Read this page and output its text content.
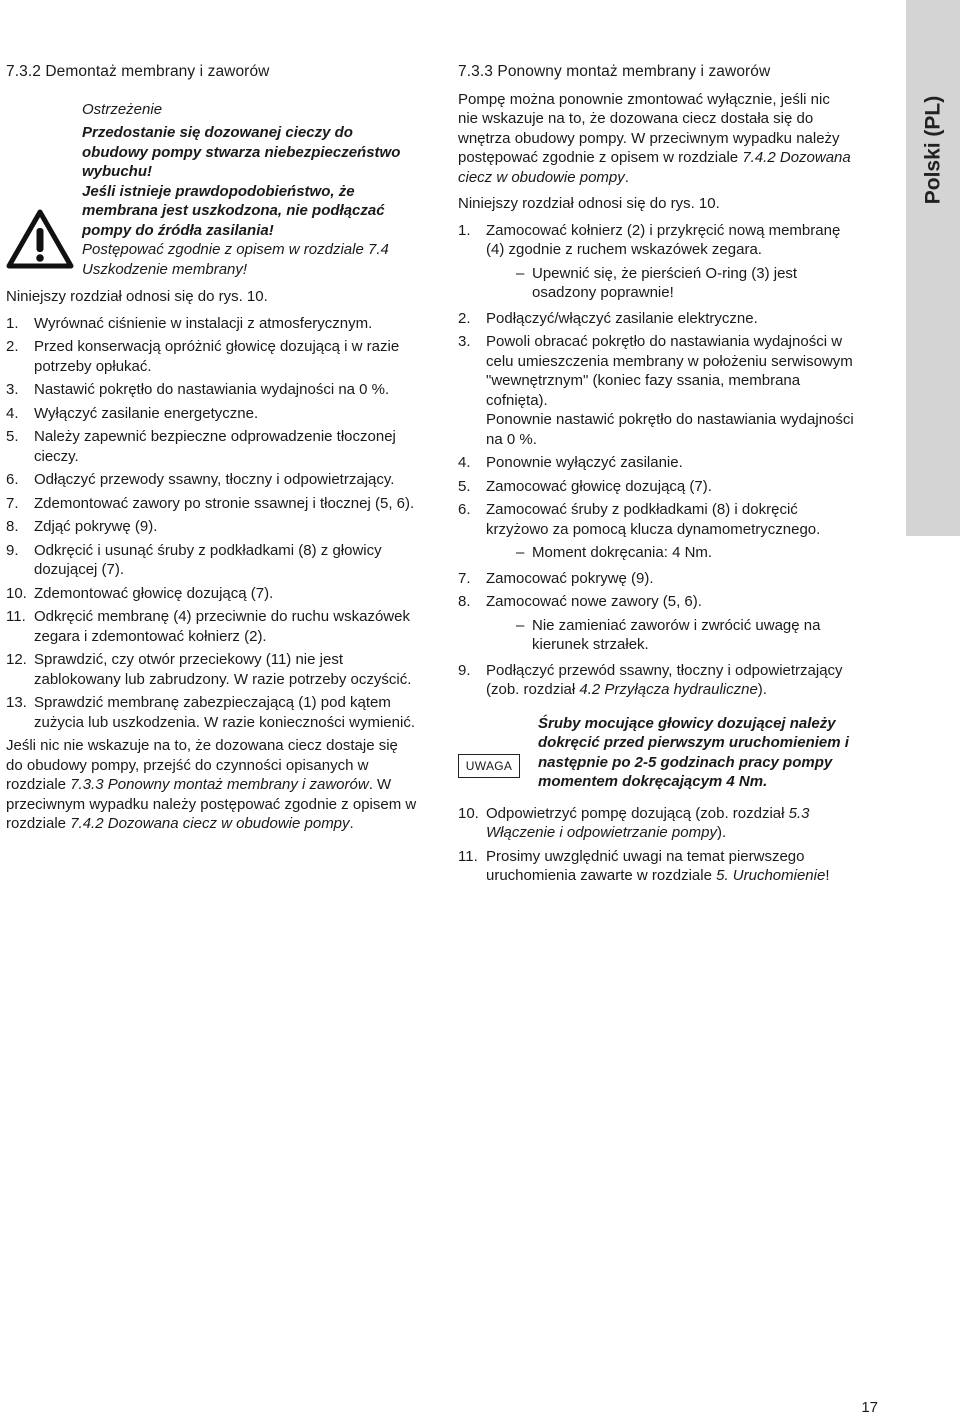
Polski (PL)
7.3.2 Demontaż membrany i zaworów
Ostrzeżenie
Przedostanie się dozowanej cieczy do obudowy pompy stwarza niebezpieczeństwo wybuchu!
Jeśli istnieje prawdopodobieństwo, że membrana jest uszkodzona, nie podłączać pompy do źródła zasilania!
Postępować zgodnie z opisem w rozdziale 7.4 Uszkodzenie membrany!

Niniejszy rozdział odnosi się do rys. 10.

1. Wyrównać ciśnienie w instalacji z atmosferycznym.
2. Przed konserwacją opróżnić głowicę dozującą i w razie potrzeby opłukać.
3. Nastawić pokrętło do nastawiania wydajności na 0 %.
4. Wyłączyć zasilanie energetyczne.
5. Należy zapewnić bezpieczne odprowadzenie tłoczonej cieczy.
6. Odłączyć przewody ssawny, tłoczny i odpowietrzający.
7. Zdemontować zawory po stronie ssawnej i tłocznej (5, 6).
8. Zdjąć pokrywę (9).
9. Odkręcić i usunąć śruby z podkładkami (8) z głowicy dozującej (7).
10. Zdemontować głowicę dozującą (7).
11. Odkręcić membranę (4) przeciwnie do ruchu wskazówek zegara i zdemontować kołnierz (2).
12. Sprawdzić, czy otwór przeciekowy (11) nie jest zablokowany lub zabrudzony. W razie potrzeby oczyścić.
13. Sprawdzić membranę zabezpieczającą (1) pod kątem zużycia lub uszkodzenia. W razie konieczności wymienić.

Jeśli nic nie wskazuje na to, że dozowana ciecz dostaje się do obudowy pompy, przejść do czynności opisanych w rozdziale 7.3.3 Ponowny montaż membrany i zaworów. W przeciwnym wypadku należy postępować zgodnie z opisem w rozdziale 7.4.2 Dozowana ciecz w obudowie pompy.

7.3.3 Ponowny montaż membrany i zaworów

Pompę można ponownie zmontować wyłącznie, jeśli nic nie wskazuje na to, że dozowana ciecz dostała się do wnętrza obudowy pompy. W przeciwnym wypadku należy postępować zgodnie z opisem w rozdziale 7.4.2 Dozowana ciecz w obudowie pompy.

Niniejszy rozdział odnosi się do rys. 10.

1. Zamocować kołnierz (2) i przykręcić nową membranę (4) zgodnie z ruchem wskazówek zegara.
– Upewnić się, że pierścień O-ring (3) jest osadzony poprawnie!
2. Podłączyć/włączyć zasilanie elektryczne.
3. Powoli obracać pokrętło do nastawiania wydajności w celu umieszczenia membrany w położeniu serwisowym "wewnętrznym" (koniec fazy ssania, membrana cofnięta).
Ponownie nastawić pokrętło do nastawiania wydajności na 0 %.
4. Ponownie wyłączyć zasilanie.
5. Zamocować głowicę dozującą (7).
6. Zamocować śruby z podkładkami (8) i dokręcić krzyżowo za pomocą klucza dynamometrycznego.
– Moment dokręcania: 4 Nm.
7. Zamocować pokrywę (9).
8. Zamocować nowe zawory (5, 6).
– Nie zamieniać zaworów i zwrócić uwagę na kierunek strzałek.
9. Podłączyć przewód ssawny, tłoczny i odpowietrzający (zob. rozdział 4.2 Przyłącza hydrauliczne).
UWAGA
Śruby mocujące głowicy dozującej należy dokręcić przed pierwszym uruchomieniem i następnie po 2-5 godzinach pracy pompy momentem dokręcającym 4 Nm.
10. Odpowietrzyć pompę dozującą (zob. rozdział 5.3 Włączenie i odpowietrzanie pompy).
11. Prosimy uwzględnić uwagi na temat pierwszego uruchomienia zawarte w rozdziale 5. Uruchomienie!
17
